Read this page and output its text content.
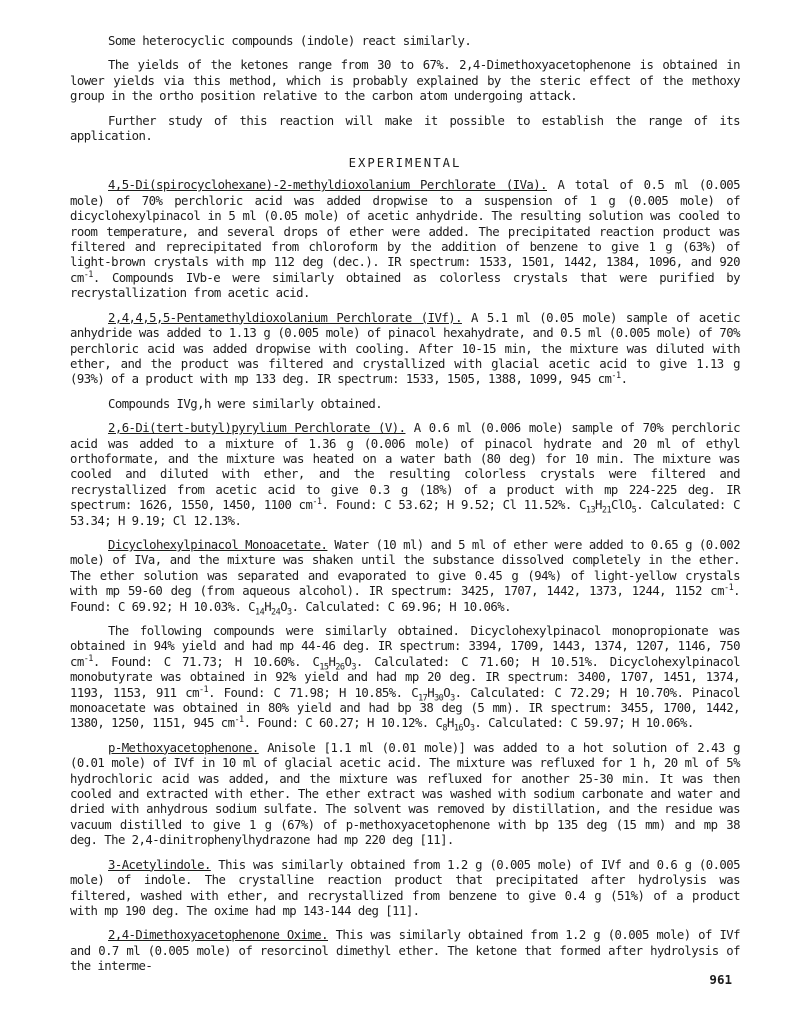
Some heterocyclic compounds (indole) react similarly.

The yields of the ketones range from 30 to 67%. 2,4-Dimethoxyacetophenone is obtained in lower yields via this method, which is probably explained by the steric effect of the methoxy group in the ortho position relative to the carbon atom undergoing attack.

Further study of this reaction will make it possible to establish the range of its application.

EXPERIMENTAL

4,5-Di(spirocyclohexane)-2-methyldioxolanium Perchlorate (IVa). A total of 0.5 ml (0.005 mole) of 70% perchloric acid was added dropwise to a suspension of 1 g (0.005 mole) of dicyclohexylpinacol in 5 ml (0.05 mole) of acetic anhydride. The resulting solution was cooled to room temperature, and several drops of ether were added. The precipitated reaction product was filtered and reprecipitated from chloroform by the addition of benzene to give 1 g (63%) of light-brown crystals with mp 112 deg (dec.). IR spectrum: 1533, 1501, 1442, 1384, 1096, and 920 $cm^{-1}$. Compounds IVb-e were similarly obtained as colorless crystals that were purified by recrystallization from acetic acid.

2,4,4,5,5-Pentamethyldioxolanium Perchlorate (IVf). A 5.1 ml (0.05 mole) sample of acetic anhydride was added to 1.13 g (0.005 mole) of pinacol hexahydrate, and 0.5 ml (0.005 mole) of 70% perchloric acid was added dropwise with cooling. After 10-15 min, the mixture was diluted with ether, and the product was filtered and crystallized with glacial acetic acid to give 1.13 g (93%) of a product with mp 133 deg. IR spectrum: 1533, 1505, 1388, 1099, 945 $cm^{-1}$.

Compounds IVg,h were similarly obtained.

2,6-Di(tert-butyl)pyrylium Perchlorate (V). A 0.6 ml (0.006 mole) sample of 70% perchloric acid was added to a mixture of 1.36 g (0.006 mole) of pinacol hydrate and 20 ml of ethyl orthoformate, and the mixture was heated on a water bath (80 deg) for 10 min. The mixture was cooled and diluted with ether, and the resulting colorless crystals were filtered and recrystallized from acetic acid to give 0.3 g (18%) of a product with mp 224-225 deg. IR spectrum: 1626, 1550, 1450, 1100 $cm^{-1}$. Found: C 53.62; H 9.52; Cl 11.52%. $C_{13}H_{21}ClO_5$. Calculated: C 53.34; H 9.19; Cl 12.13%.

Dicyclohexylpinacol Monoacetate. Water (10 ml) and 5 ml of ether were added to 0.65 g (0.002 mole) of IVa, and the mixture was shaken until the substance dissolved completely in the ether. The ether solution was separated and evaporated to give 0.45 g (94%) of light-yellow crystals with mp 59-60 deg (from aqueous alcohol). IR spectrum: 3425, 1707, 1442, 1373, 1244, 1152 $cm^{-1}$. Found: C 69.92; H 10.03%. $C_{14}H_{24}O_3$. Calculated: C 69.96; H 10.06%.

The following compounds were similarly obtained. Dicyclohexylpinacol monopropionate was obtained in 94% yield and had mp 44-46 deg. IR spectrum: 3394, 1709, 1443, 1374, 1207, 1146, 750 $cm^{-1}$. Found: C 71.73; H 10.60%. $C_{15}H_{26}O_3$. Calculated: C 71.60; H 10.51%. Dicyclohexylpinacol monobutyrate was obtained in 92% yield and had mp 20 deg. IR spectrum: 3400, 1707, 1451, 1374, 1193, 1153, 911 $cm^{-1}$. Found: C 71.98; H 10.85%. $C_{17}H_{30}O_3$. Calculated: C 72.29; H 10.70%. Pinacol monoacetate was obtained in 80% yield and had bp 38 deg (5 mm). IR spectrum: 3455, 1700, 1442, 1380, 1250, 1151, 945 $cm^{-1}$. Found: C 60.27; H 10.12%. $C_8H_{16}O_3$. Calculated: C 59.97; H 10.06%.

p-Methoxyacetophenone. Anisole [1.1 ml (0.01 mole)] was added to a hot solution of 2.43 g (0.01 mole) of IVf in 10 ml of glacial acetic acid. The mixture was refluxed for 1 h, 20 ml of 5% hydrochloric acid was added, and the mixture was refluxed for another 25-30 min. It was then cooled and extracted with ether. The ether extract was washed with sodium carbonate and water and dried with anhydrous sodium sulfate. The solvent was removed by distillation, and the residue was vacuum distilled to give 1 g (67%) of p-methoxyacetophenone with bp 135 deg (15 mm) and mp 38 deg. The 2,4-dinitrophenylhydrazone had mp 220 deg [11].

3-Acetylindole. This was similarly obtained from 1.2 g (0.005 mole) of IVf and 0.6 g (0.005 mole) of indole. The crystalline reaction product that precipitated after hydrolysis was filtered, washed with ether, and recrystallized from benzene to give 0.4 g (51%) of a product with mp 190 deg. The oxime had mp 143-144 deg [11].

2,4-Dimethoxyacetophenone Oxime. This was similarly obtained from 1.2 g (0.005 mole) of IVf and 0.7 ml (0.005 mole) of resorcinol dimethyl ether. The ketone that formed after hydrolysis of the interme-

961
